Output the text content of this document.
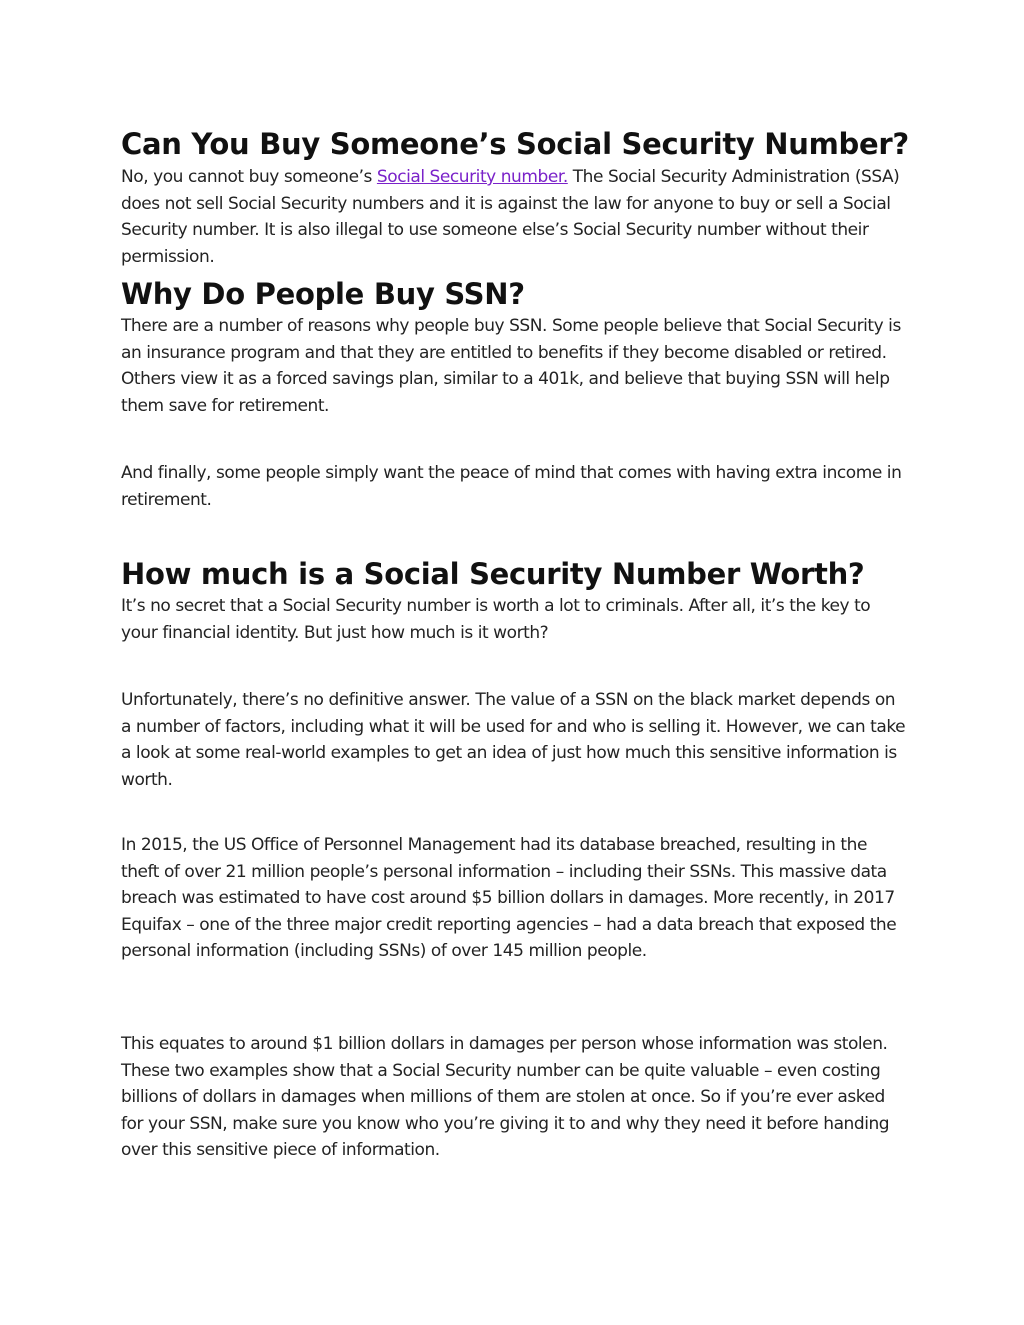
Can You Buy Someone’s Social Security Number?

No, you cannot buy someone’s Social Security number. The Social Security Administration (SSA) does not sell Social Security numbers and it is against the law for anyone to buy or sell a Social Security number. It is also illegal to use someone else’s Social Security number without their permission.

Why Do People Buy SSN?

There are a number of reasons why people buy SSN. Some people believe that Social Security is an insurance program and that they are entitled to benefits if they become disabled or retired. Others view it as a forced savings plan, similar to a 401k, and believe that buying SSN will help them save for retirement.

And finally, some people simply want the peace of mind that comes with having extra income in retirement.

How much is a Social Security Number Worth?

It’s no secret that a Social Security number is worth a lot to criminals. After all, it’s the key to your financial identity. But just how much is it worth?

Unfortunately, there’s no definitive answer. The value of a SSN on the black market depends on a number of factors, including what it will be used for and who is selling it. However, we can take a look at some real-world examples to get an idea of just how much this sensitive information is worth.

In 2015, the US Office of Personnel Management had its database breached, resulting in the theft of over 21 million people’s personal information – including their SSNs. This massive data breach was estimated to have cost around $5 billion dollars in damages. More recently, in 2017 Equifax – one of the three major credit reporting agencies – had a data breach that exposed the personal information (including SSNs) of over 145 million people.

This equates to around $1 billion dollars in damages per person whose information was stolen. These two examples show that a Social Security number can be quite valuable – even costing billions of dollars in damages when millions of them are stolen at once. So if you’re ever asked for your SSN, make sure you know who you’re giving it to and why they need it before handing over this sensitive piece of information.
